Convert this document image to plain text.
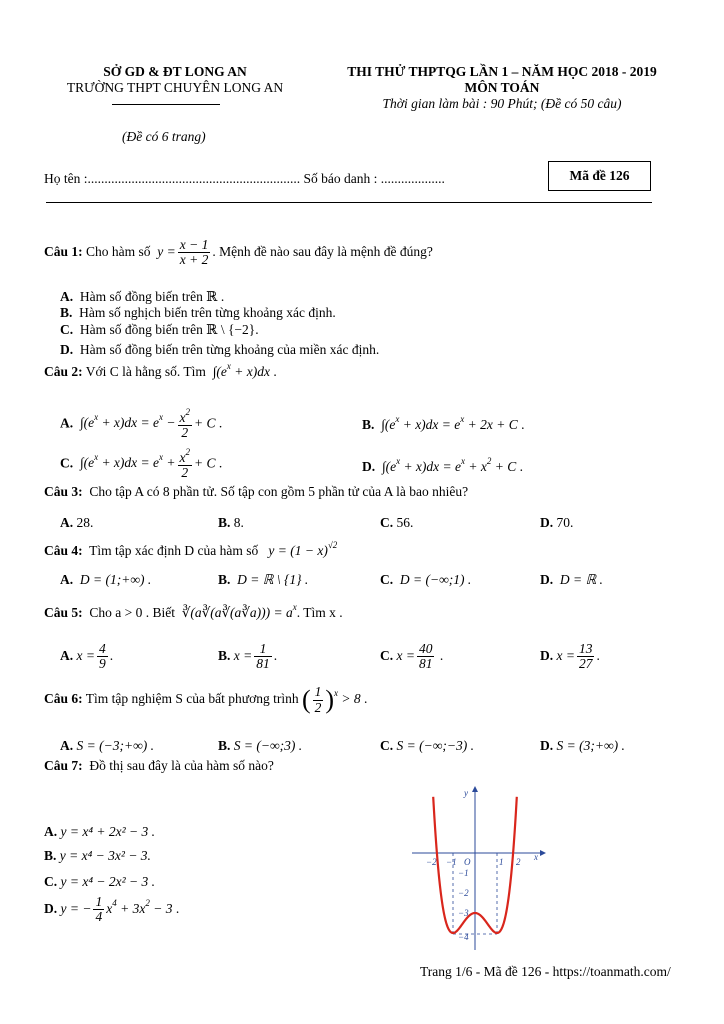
SỞ GD & ĐT LONG AN
TRƯỜNG THPT CHUYÊN LONG AN
(Đề có 6 trang)
THI THỬ THPTQG LẦN 1 – NĂM HỌC 2018 - 2019
MÔN TOÁN
Thời gian làm bài : 90 Phút; (Đề có 50 câu)
Họ tên :............................................................... Số báo danh : ...................	Mã đề 126
Câu 1: Cho hàm số  $y = \frac{x - 1}{x + 2}$ . Mệnh đề nào sau đây là mệnh đề đúng?
A. Hàm số đồng biến trên ℝ .
B. Hàm số nghịch biến trên từng khoảng xác định.
C. Hàm số đồng biến trên ℝ \ {−2}.
D. Hàm số đồng biến trên từng khoảng của miền xác định.
Câu 2: Với C là hằng số. Tìm  $\int(e^x + x)dx$ .
A. $\int(e^x + x)dx = e^x - \frac{x^2}{2} + C$ .	B. $\int(e^x + x)dx = e^x + 2x + C$ .
C. $\int(e^x + x)dx = e^x + \frac{x^2}{2} + C$ .	D. $\int(e^x + x)dx = e^x + x^2 + C$ .
Câu 3: Cho tập A có 8 phần tử. Số tập con gồm 5 phần tử của A là bao nhiêu?
A. 28.	B. 8.	C. 56.	D. 70.
Câu 4: Tìm tập xác định D của hàm số   $y = (1 - x)^{√2}$
A. D = (1;+∞) .	B. D = ℝ \ {1} .	C. D = (−∞;1) .	D. D = ℝ .
Câu 5: Cho a > 0 . Biết  ∛(a∛(a∛(a∛a))) = $a^x$. Tìm x .
A. $x = \frac{4}{9}$ .	B. $x = \frac{1}{81}$ .	C. $x = \frac{40}{81}$ .	D. $x = \frac{13}{27}$ .
Câu 6: Tìm tập nghiệm S của bất phương trình ( $\frac{1}{2} )^x > 8$ .
A. S = (−3;+∞) .	B. S = (−∞;3) .	C. S = (−∞;−3) .	D. S = (3;+∞) .
Câu 7: Đồ thị sau đây là của hàm số nào?
A. y = x⁴ + 2x² − 3 .
B. y = x⁴ − 3x² − 3.
C. y = x⁴ − 2x² − 3 .
D. y = − $\frac{1}{4} x^4 + 3x^2 - 3$ .
−2 −1 O	1 2 x
y
−1
−2
−3
−4
Trang 1/6 - Mã đề 126 - https://toanmath.com/
